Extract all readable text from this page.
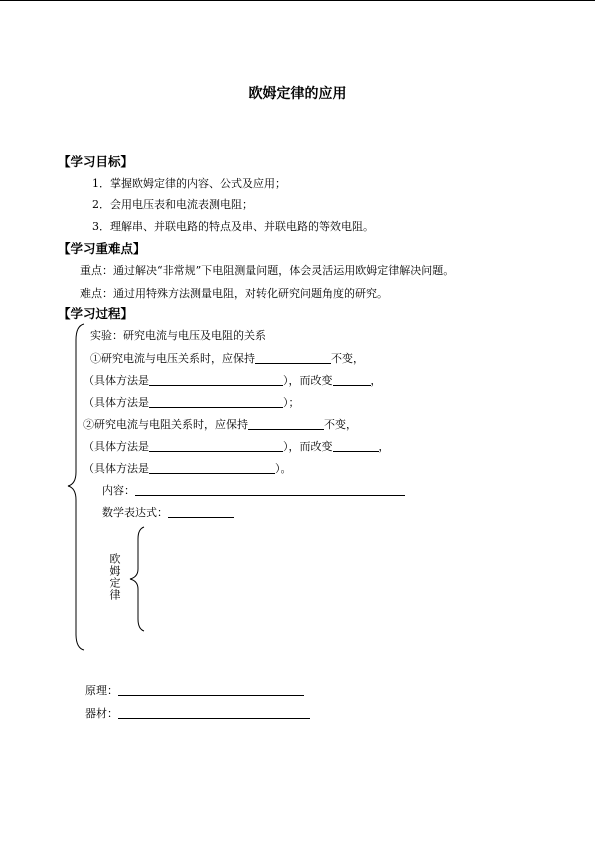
欧姆定律的应用
【学习目标】
1．掌握欧姆定律的内容、公式及应用；
2．会用电压表和电流表测电阻；
3．理解串、并联电路的特点及串、并联电路的等效电阻。
【学习重难点】
重点：通过解决“非常规”下电阻测量问题，体会灵活运用欧姆定律解决问题。
难点：通过用特殊方法测量电阻，对转化研究问题角度的研究。
【学习过程】
实验：研究电流与电压及电阻的关系
①研究电流与电压关系时，应保持	不变，
（具体方法是	），而改变	，
（具体方法是	）；
②研究电流与电阻关系时，应保持	不变，
（具体方法是	），而改变	，
（具体方法是	）。
内容：
数学表达式：
欧姆定律
原理：
器材：
